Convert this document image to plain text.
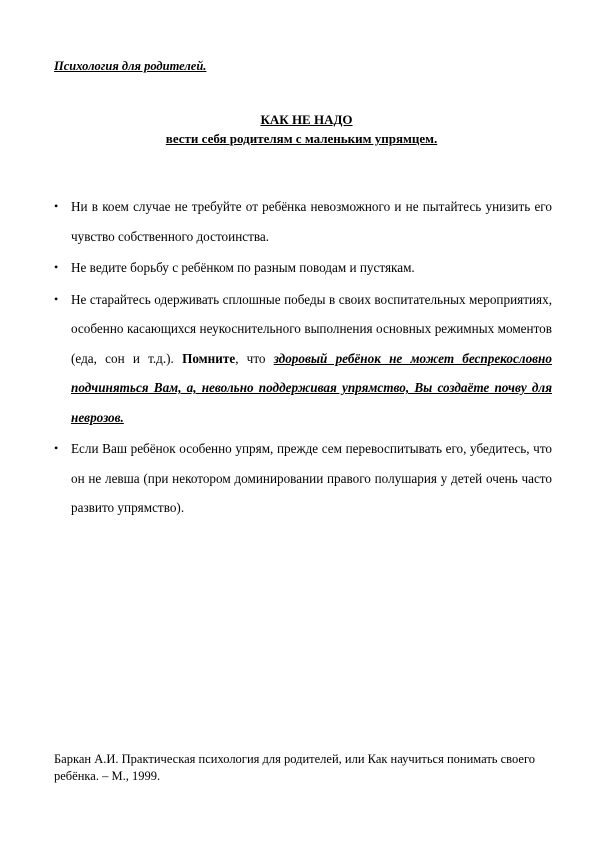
Психология для родителей.
КАК НЕ НАДО
вести себя родителям с маленьким упрямцем.
• Ни в коем случае не требуйте от ребёнка невозможного и не пытайтесь унизить его чувство собственного достоинства.
• Не ведите борьбу с ребёнком по разным поводам и пустякам.
• Не старайтесь одерживать сплошные победы в своих воспитательных мероприятиях, особенно касающихся неукоснительного выполнения основных режимных моментов (еда, сон и т.д.). Помните, что здоровый ребёнок не может беспрекословно подчиняться Вам, а, невольно поддерживая упрямство, Вы создаёте почву для неврозов.
• Если Ваш ребёнок особенно упрям, прежде сем перевоспитывать его, убедитесь, что он не левша (при некотором доминировании правого полушария у детей очень часто развито упрямство).
Баркан А.И. Практическая психология для родителей, или Как научиться понимать своего ребёнка. – М., 1999.
